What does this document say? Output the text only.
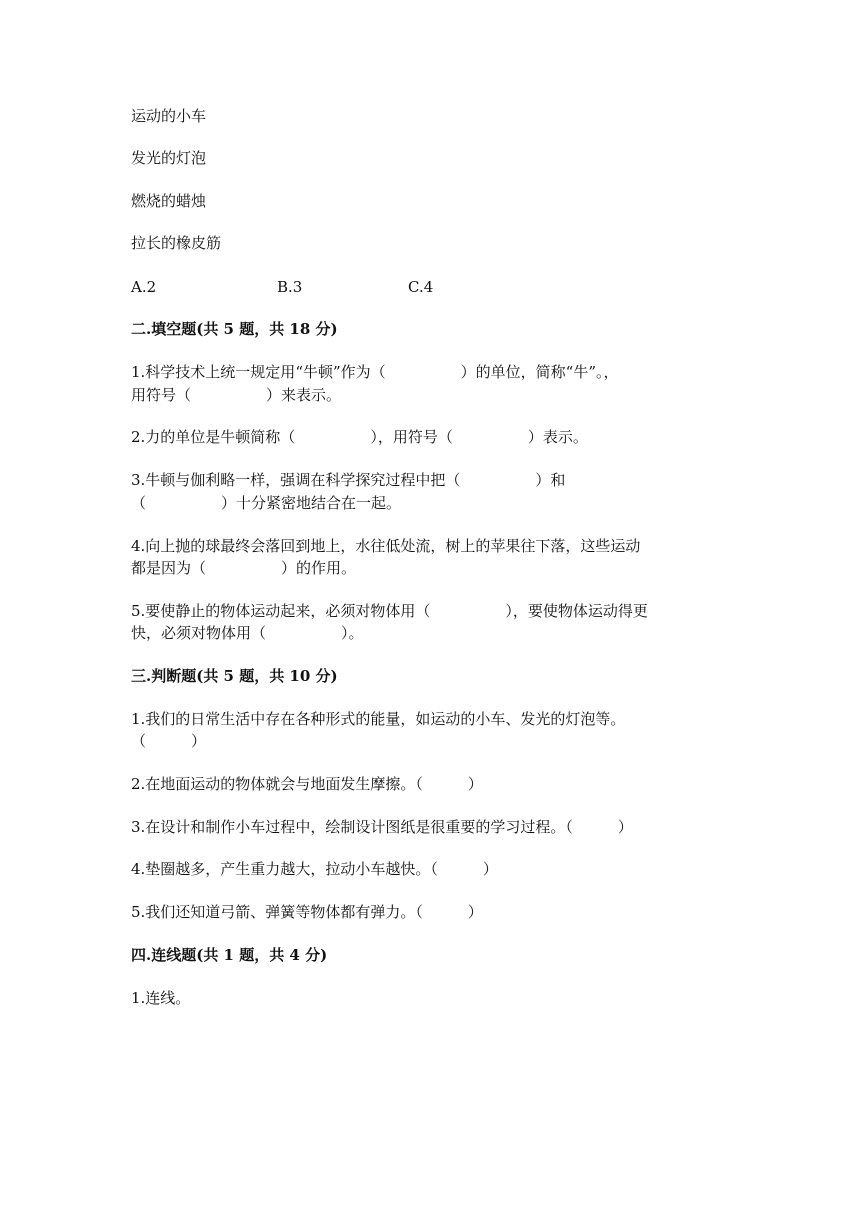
运动的小车
发光的灯泡
燃烧的蜡烛
拉长的橡皮筋
A.2	B.3	C.4
二.填空题(共 5 题，共 18 分)
1.科学技术上统一规定用“牛顿”作为（　　　　　）的单位，简称“牛”。，
用符号（　　　　　）来表示。
2.力的单位是牛顿简称（　　　　　），用符号（　　　　　）表示。
3.牛顿与伽利略一样，强调在科学探究过程中把（　　　　　）和
（　　　　　）十分紧密地结合在一起。
4.向上抛的球最终会落回到地上，水往低处流，树上的苹果往下落，这些运动
都是因为（　　　　　）的作用。
5.要使静止的物体运动起来，必须对物体用（　　　　　），要使物体运动得更
快，必须对物体用（　　　　　）。
三.判断题(共 5 题，共 10 分)
1.我们的日常生活中存在各种形式的能量，如运动的小车、发光的灯泡等。
（　　　）
2.在地面运动的物体就会与地面发生摩擦。（　　　）
3.在设计和制作小车过程中，绘制设计图纸是很重要的学习过程。（　　　）
4.垫圈越多，产生重力越大，拉动小车越快。（　　　）
5.我们还知道弓箭、弹簧等物体都有弹力。（　　　）
四.连线题(共 1 题，共 4 分)
1.连线。
